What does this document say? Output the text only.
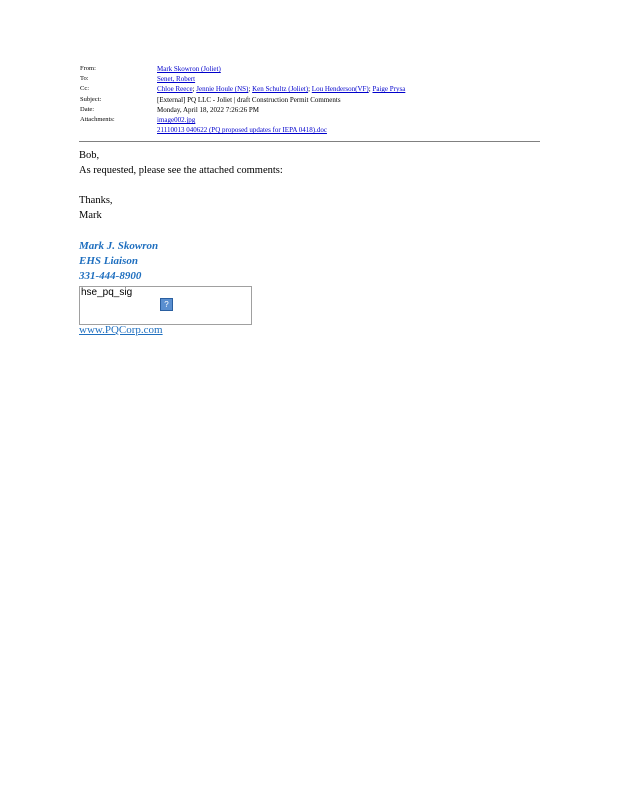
From:	Mark Skowron (Joliet)
To:	Senet, Robert
Cc:	Chloe Reece; Jennie Houle (NS); Ken Schultz (Joliet); Lou Henderson(VF); Paige Prysa
Subject:	[External] PQ LLC - Joliet | draft Construction Permit Comments
Date:	Monday, April 18, 2022 7:26:26 PM
Attachments:	image002.jpg
21110013 040622 (PQ proposed updates for IEPA 0418).doc
Bob,
As requested, please see the attached comments:
Thanks,
Mark
Mark J. Skowron
EHS Liaison
331-444-8900
hse_pq_sig
?
www.PQCorp.com
